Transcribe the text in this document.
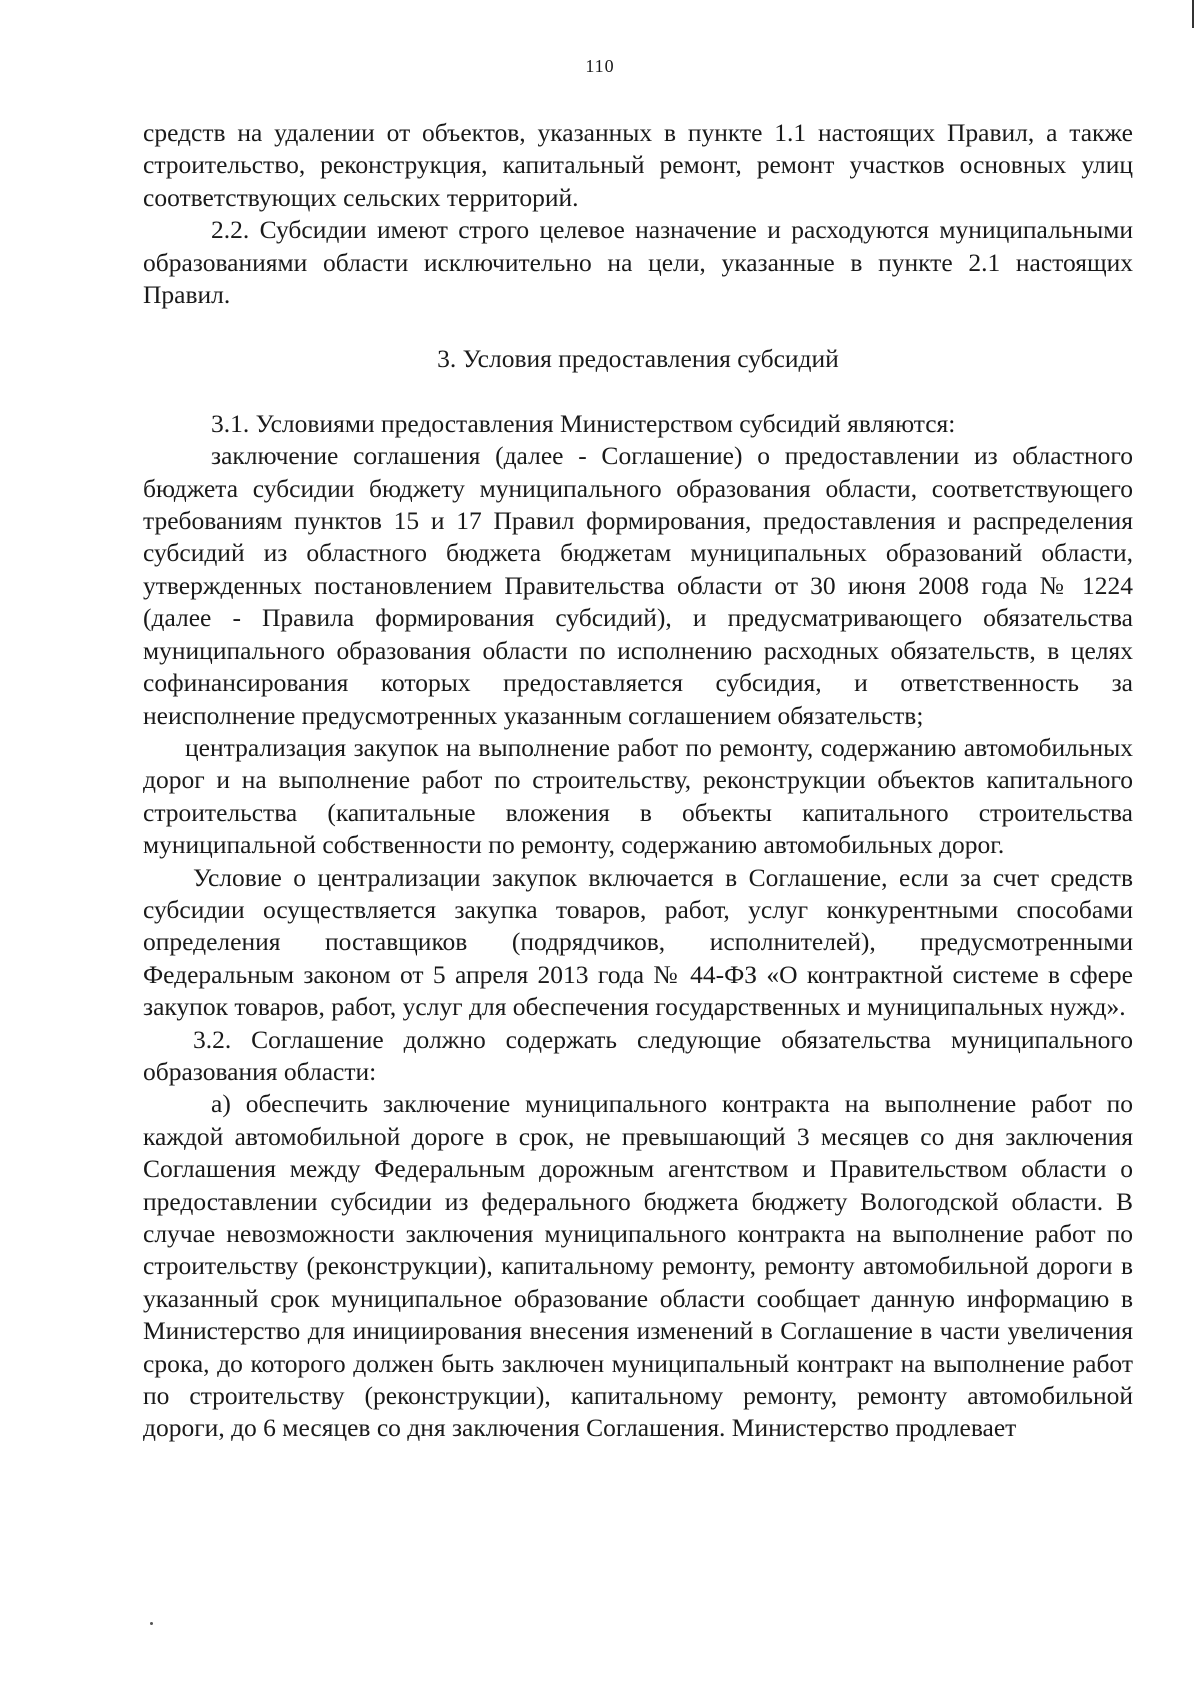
110

средств на удалении от объектов, указанных в пункте 1.1 настоящих Правил, а также строительство, реконструкция, капитальный ремонт, ремонт участков основных улиц соответствующих сельских территорий.

2.2. Субсидии имеют строго целевое назначение и расходуются муниципальными образованиями области исключительно на цели, указанные в пункте 2.1 настоящих Правил.

3. Условия предоставления субсидий

3.1. Условиями предоставления Министерством субсидий являются:

заключение соглашения (далее - Соглашение) о предоставлении из областного бюджета субсидии бюджету муниципального образования области, соответствующего требованиям пунктов 15 и 17 Правил формирования, предоставления и распределения субсидий из областного бюджета бюджетам муниципальных образований области, утвержденных постановлением Правительства области от 30 июня 2008 года № 1224 (далее - Правила формирования субсидий), и предусматривающего обязательства муниципального образования области по исполнению расходных обязательств, в целях софинансирования которых предоставляется субсидия, и ответственность за неисполнение предусмотренных указанным соглашением обязательств;

централизация закупок на выполнение работ по ремонту, содержанию автомобильных дорог и на выполнение работ по строительству, реконструкции объектов капитального строительства (капитальные вложения в объекты капитального строительства муниципальной собственности по ремонту, содержанию автомобильных дорог.

Условие о централизации закупок включается в Соглашение, если за счет средств субсидии осуществляется закупка товаров, работ, услуг конкурентными способами определения поставщиков (подрядчиков, исполнителей), предусмотренными Федеральным законом от 5 апреля 2013 года № 44-ФЗ «О контрактной системе в сфере закупок товаров, работ, услуг для обеспечения государственных и муниципальных нужд».

3.2. Соглашение должно содержать следующие обязательства муниципального образования области:

а) обеспечить заключение муниципального контракта на выполнение работ по каждой автомобильной дороге в срок, не превышающий 3 месяцев со дня заключения Соглашения между Федеральным дорожным агентством и Правительством области о предоставлении субсидии из федерального бюджета бюджету Вологодской области. В случае невозможности заключения муниципального контракта на выполнение работ по строительству (реконструкции), капитальному ремонту, ремонту автомобильной дороги в указанный срок муниципальное образование области сообщает данную информацию в Министерство для инициирования внесения изменений в Соглашение в части увеличения срока, до которого должен быть заключен муниципальный контракт на выполнение работ по строительству (реконструкции), капитальному ремонту, ремонту автомобильной дороги, до 6 месяцев со дня заключения Соглашения. Министерство продлевает
